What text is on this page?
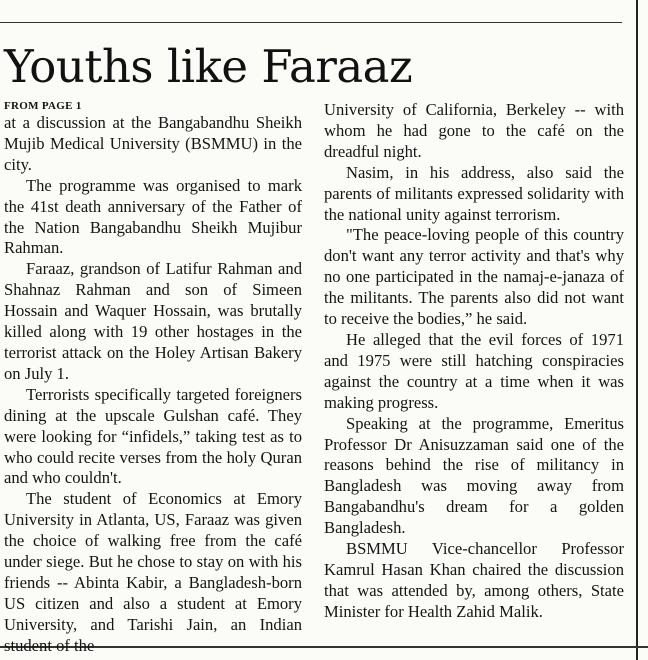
Youths like Faraaz
FROM PAGE 1

at a discussion at the Bangabandhu Sheikh Mujib Medical University (BSMMU) in the city.

The programme was organised to mark the 41st death anniversary of the Father of the Nation Bangabandhu Sheikh Mujibur Rahman.

Faraaz, grandson of Latifur Rahman and Shahnaz Rahman and son of Simeen Hossain and Waquer Hossain, was brutally killed along with 19 other hostages in the terrorist attack on the Holey Artisan Bakery on July 1.

Terrorists specifically targeted foreigners dining at the upscale Gulshan café. They were looking for “infidels,” taking test as to who could recite verses from the holy Quran and who couldn't.

The student of Economics at Emory University in Atlanta, US, Faraaz was given the choice of walking free from the café under siege. But he chose to stay on with his friends -- Abinta Kabir, a Bangladesh-born US citizen and also a student at Emory University, and Tarishi Jain, an Indian student of the

University of California, Berkeley -- with whom he had gone to the café on the dreadful night.

Nasim, in his address, also said the parents of militants expressed solidarity with the national unity against terrorism.

"The peace-loving people of this country don't want any terror activity and that's why no one participated in the namaj-e-janaza of the militants. The parents also did not want to receive the bodies,” he said.

He alleged that the evil forces of 1971 and 1975 were still hatching conspiracies against the country at a time when it was making progress.

Speaking at the programme, Emeritus Professor Dr Anisuzzaman said one of the reasons behind the rise of militancy in Bangladesh was moving away from Bangabandhu's dream for a golden Bangladesh.

BSMMU Vice-chancellor Professor Kamrul Hasan Khan chaired the discussion that was attended by, among others, State Minister for Health Zahid Malik.
